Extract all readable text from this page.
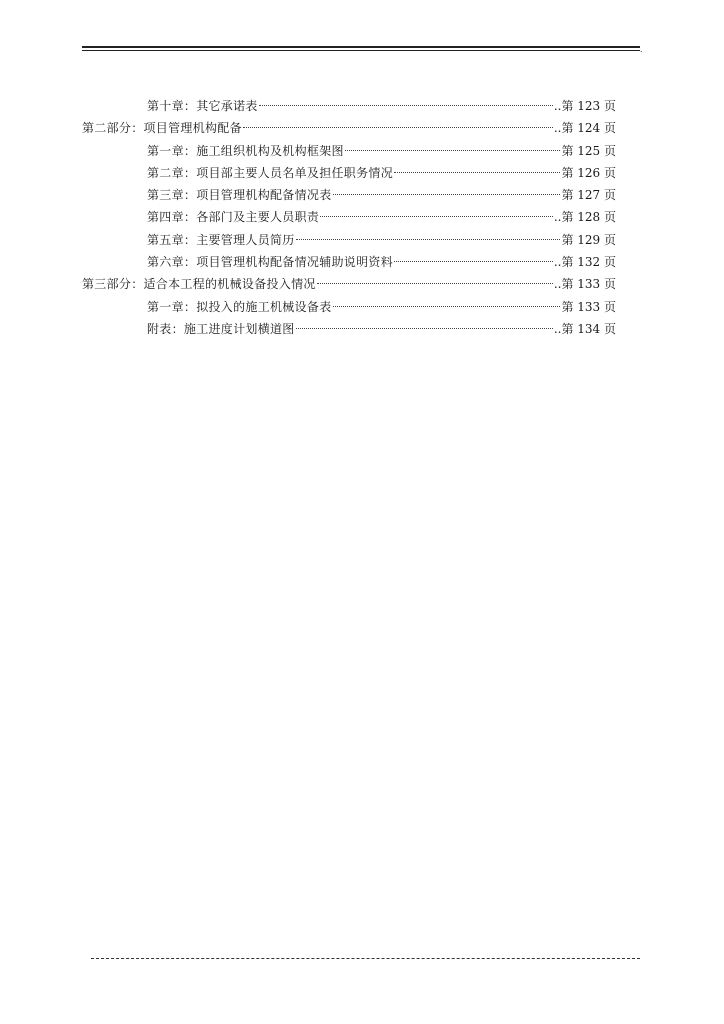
.
第十章：其它承诺表	..第 123 页
第二部分：项目管理机构配备	..第 124 页
第一章：施工组织机构及机构框架图	第 125 页
第二章：项目部主要人员名单及担任职务情况	第 126 页
第三章：项目管理机构配备情况表	第 127 页
第四章：各部门及主要人员职责	..第 128 页
第五章：主要管理人员简历	第 129 页
第六章：项目管理机构配备情况辅助说明资料	..第 132 页
第三部分：适合本工程的机械设备投入情况	..第 133 页
第一章：拟投入的施工机械设备表	第 133 页
附表：施工进度计划横道图	..第 134 页
